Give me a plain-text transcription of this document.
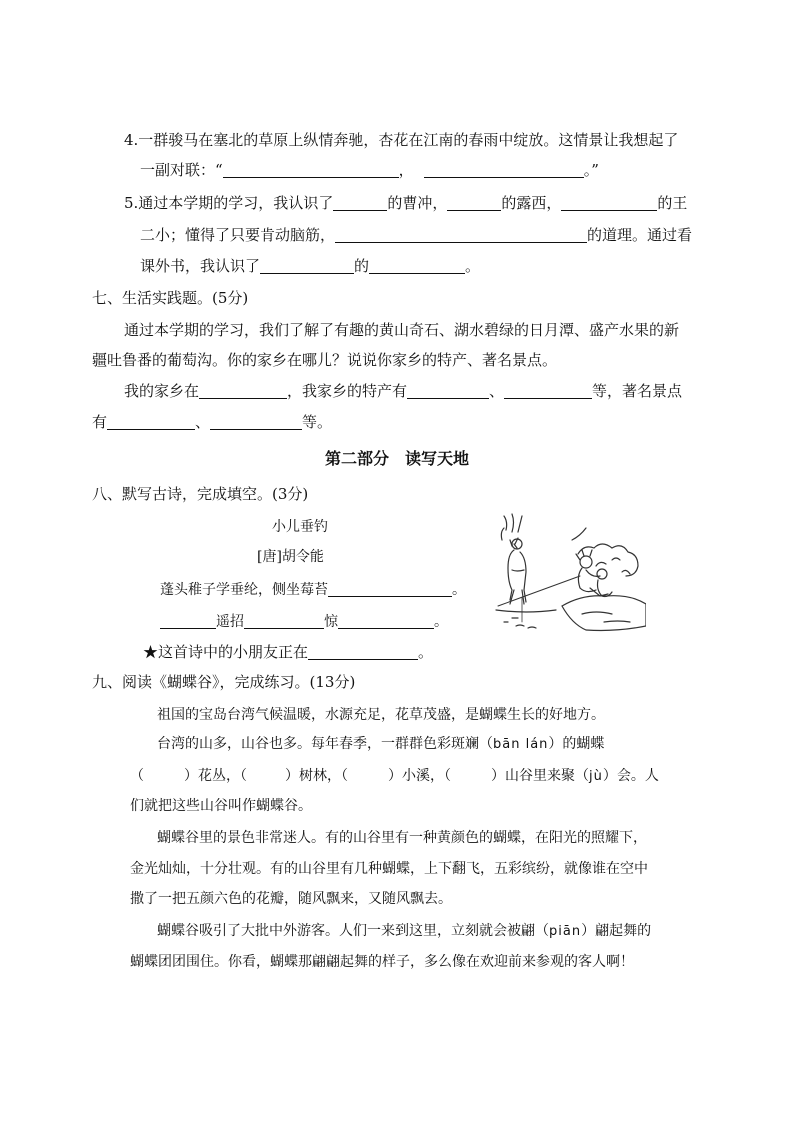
4.一群骏马在塞北的草原上纵情奔驰，杏花在江南的春雨中绽放。这情景让我想起了
一副对联：“	，	。”
5.通过本学期的学习，我认识了	的曹冲，	的露西，	的王
二小；懂得了只要肯动脑筋，	的道理。通过看
课外书，我认识了	的	。
七、生活实践题。(5分)
通过本学期的学习，我们了解了有趣的黄山奇石、湖水碧绿的日月潭、盛产水果的新
疆吐鲁番的葡萄沟。你的家乡在哪儿？说说你家乡的特产、著名景点。
我的家乡在	，我家乡的特产有	、	等，著名景点
有	、	等。
第二部分　读写天地
八、默写古诗，完成填空。(3分)
小儿垂钓
[唐]胡令能
蓬头稚子学垂纶，侧坐莓苔	。
遥招	惊	。
★这首诗中的小朋友正在	。
九、阅读《蝴蝶谷》，完成练习。(13分)
祖国的宝岛台湾气候温暖，水源充足，花草茂盛，是蝴蝶生长的好地方。
台湾的山多，山谷也多。每年春季，一群群色彩斑斓（bān lán）的蝴蝶
（	）花丛，（	）树林，（	）小溪，（	）山谷里来聚（jù）会。人
们就把这些山谷叫作蝴蝶谷。
蝴蝶谷里的景色非常迷人。有的山谷里有一种黄颜色的蝴蝶，在阳光的照耀下，
金光灿灿，十分壮观。有的山谷里有几种蝴蝶，上下翻飞，五彩缤纷，就像谁在空中
撒了一把五颜六色的花瓣，随风飘来，又随风飘去。
蝴蝶谷吸引了大批中外游客。人们一来到这里，立刻就会被翩（piān）翩起舞的
蝴蝶团团围住。你看，蝴蝶那翩翩起舞的样子，多么像在欢迎前来参观的客人啊！
